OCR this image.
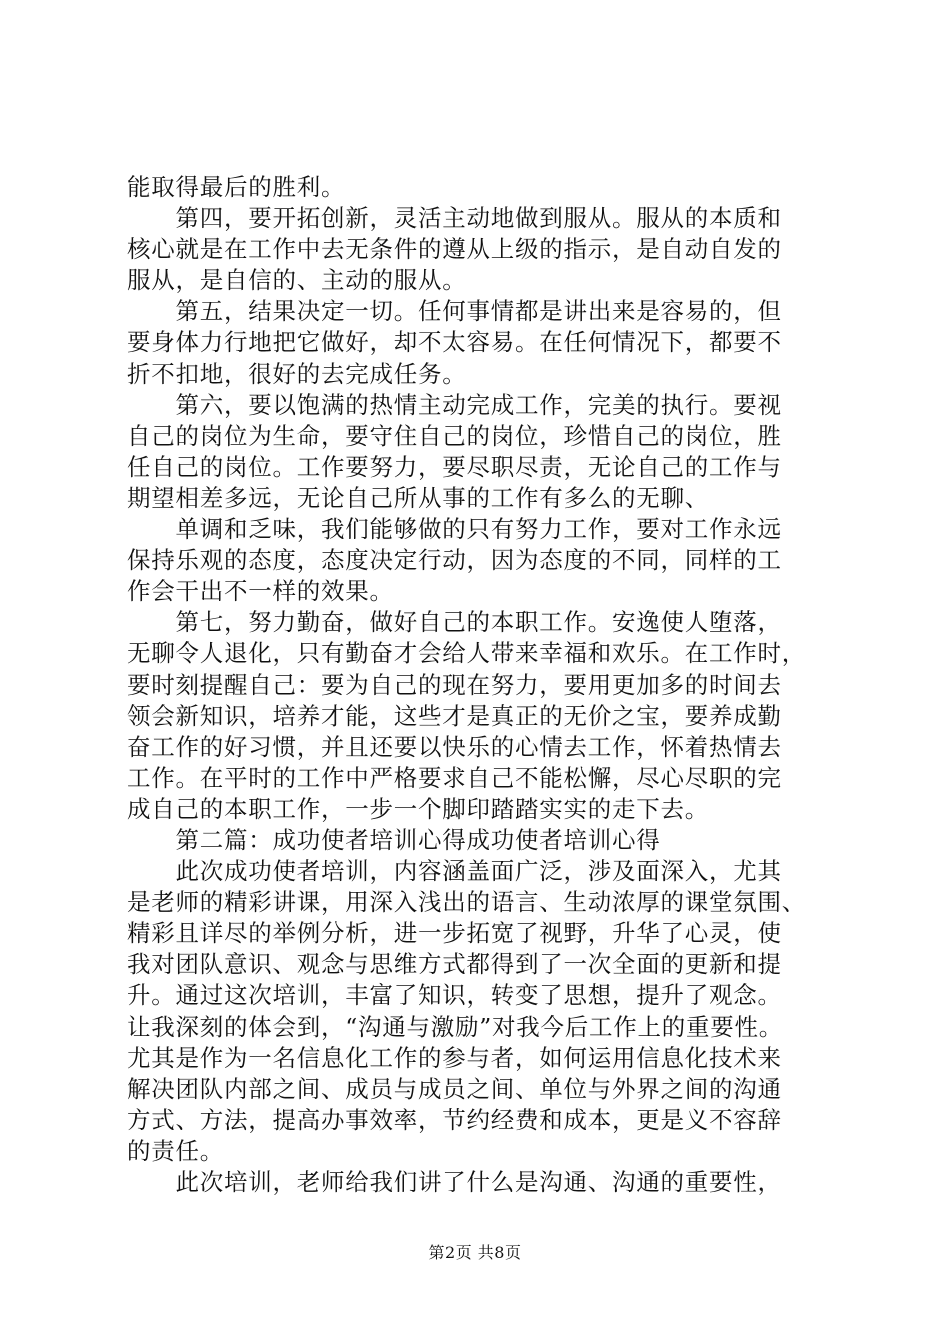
能取得最后的胜利。
　　第四，要开拓创新，灵活主动地做到服从。服从的本质和
核心就是在工作中去无条件的遵从上级的指示，是自动自发的
服从，是自信的、主动的服从。
　　第五，结果决定一切。任何事情都是讲出来是容易的，但
要身体力行地把它做好，却不太容易。在任何情况下，都要不
折不扣地，很好的去完成任务。
　　第六，要以饱满的热情主动完成工作，完美的执行。要视
自己的岗位为生命，要守住自己的岗位，珍惜自己的岗位，胜
任自己的岗位。工作要努力，要尽职尽责，无论自己的工作与
期望相差多远，无论自己所从事的工作有多么的无聊、
　　单调和乏味，我们能够做的只有努力工作，要对工作永远
保持乐观的态度，态度决定行动，因为态度的不同，同样的工
作会干出不一样的效果。
　　第七，努力勤奋，做好自己的本职工作。安逸使人堕落，
无聊令人退化，只有勤奋才会给人带来幸福和欢乐。在工作时，
要时刻提醒自己：要为自己的现在努力，要用更加多的时间去
领会新知识，培养才能，这些才是真正的无价之宝，要养成勤
奋工作的好习惯，并且还要以快乐的心情去工作，怀着热情去
工作。在平时的工作中严格要求自己不能松懈，尽心尽职的完
成自己的本职工作，一步一个脚印踏踏实实的走下去。
　　第二篇：成功使者培训心得成功使者培训心得
　　此次成功使者培训，内容涵盖面广泛，涉及面深入，尤其
是老师的精彩讲课，用深入浅出的语言、生动浓厚的课堂氛围、
精彩且详尽的举例分析，进一步拓宽了视野，升华了心灵，使
我对团队意识、观念与思维方式都得到了一次全面的更新和提
升。通过这次培训，丰富了知识，转变了思想，提升了观念。
让我深刻的体会到，“沟通与激励”对我今后工作上的重要性。
尤其是作为一名信息化工作的参与者，如何运用信息化技术来
解决团队内部之间、成员与成员之间、单位与外界之间的沟通
方式、方法，提高办事效率，节约经费和成本，更是义不容辞
的责任。
　　此次培训，老师给我们讲了什么是沟通、沟通的重要性，
第2页 共8页
